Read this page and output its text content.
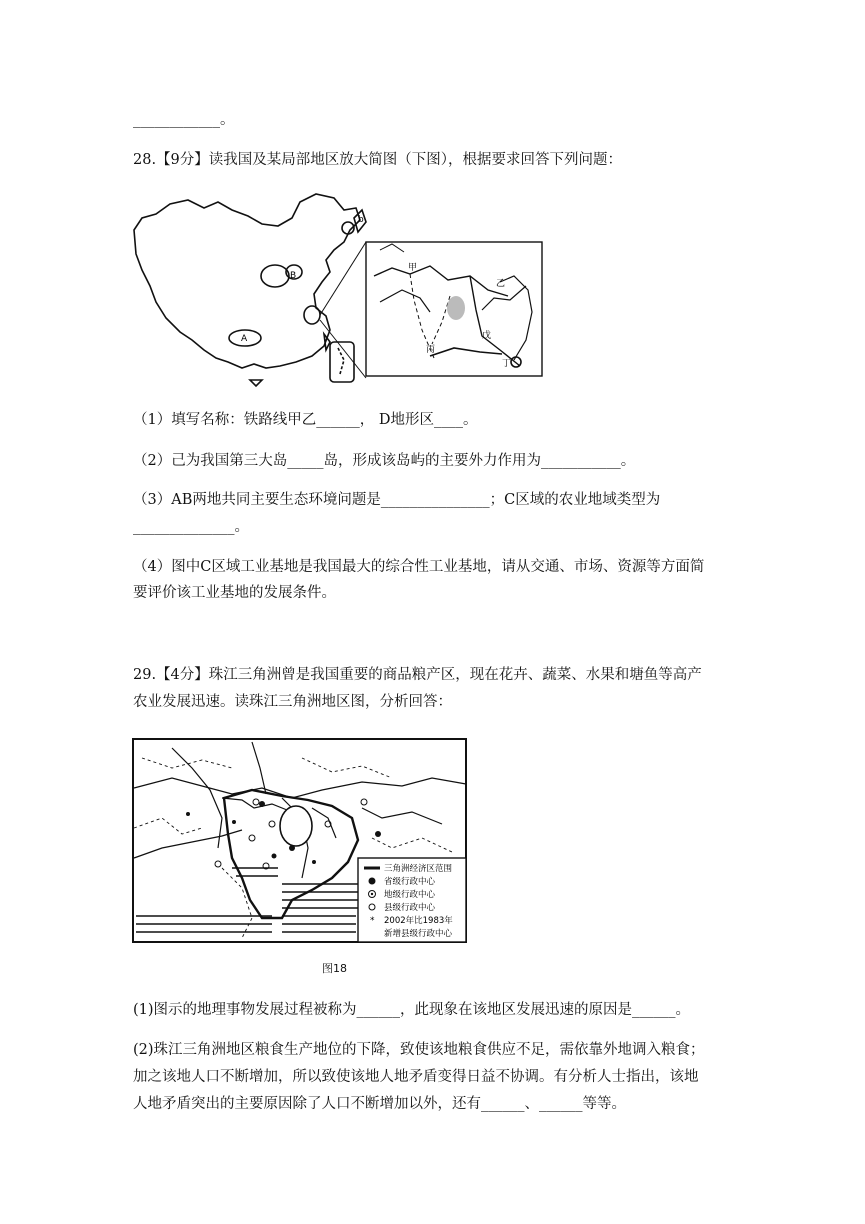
____________。
28.【9分】读我国及某局部地区放大简图（下图），根据要求回答下列问题：
b
B
A
甲
乙
丙
戊
丁
（1）填写名称：铁路线甲乙______， D地形区____。
（2）己为我国第三大岛_____岛，形成该岛屿的主要外力作用为___________。
（3）AB两地共同主要生态环境问题是_______________；C区域的农业地域类型为
______________。
（4）图中C区域工业基地是我国最大的综合性工业基地，请从交通、市场、资源等方面简
要评价该工业基地的发展条件。
29.【4分】珠江三角洲曾是我国重要的商品粮产区，现在花卉、蔬菜、水果和塘鱼等高产
农业发展迅速。读珠江三角洲地区图，分析回答：
*
三角洲经济区范围
省级行政中心
地级行政中心
县级行政中心
2002年比1983年
新增县级行政中心
图18
(1)图示的地理事物发展过程被称为______，此现象在该地区发展迅速的原因是______。
(2)珠江三角洲地区粮食生产地位的下降，致使该地粮食供应不足，需依靠外地调入粮食；
加之该地人口不断增加，所以致使该地人地矛盾变得日益不协调。有分析人士指出，该地
人地矛盾突出的主要原因除了人口不断增加以外，还有______、______等等。
